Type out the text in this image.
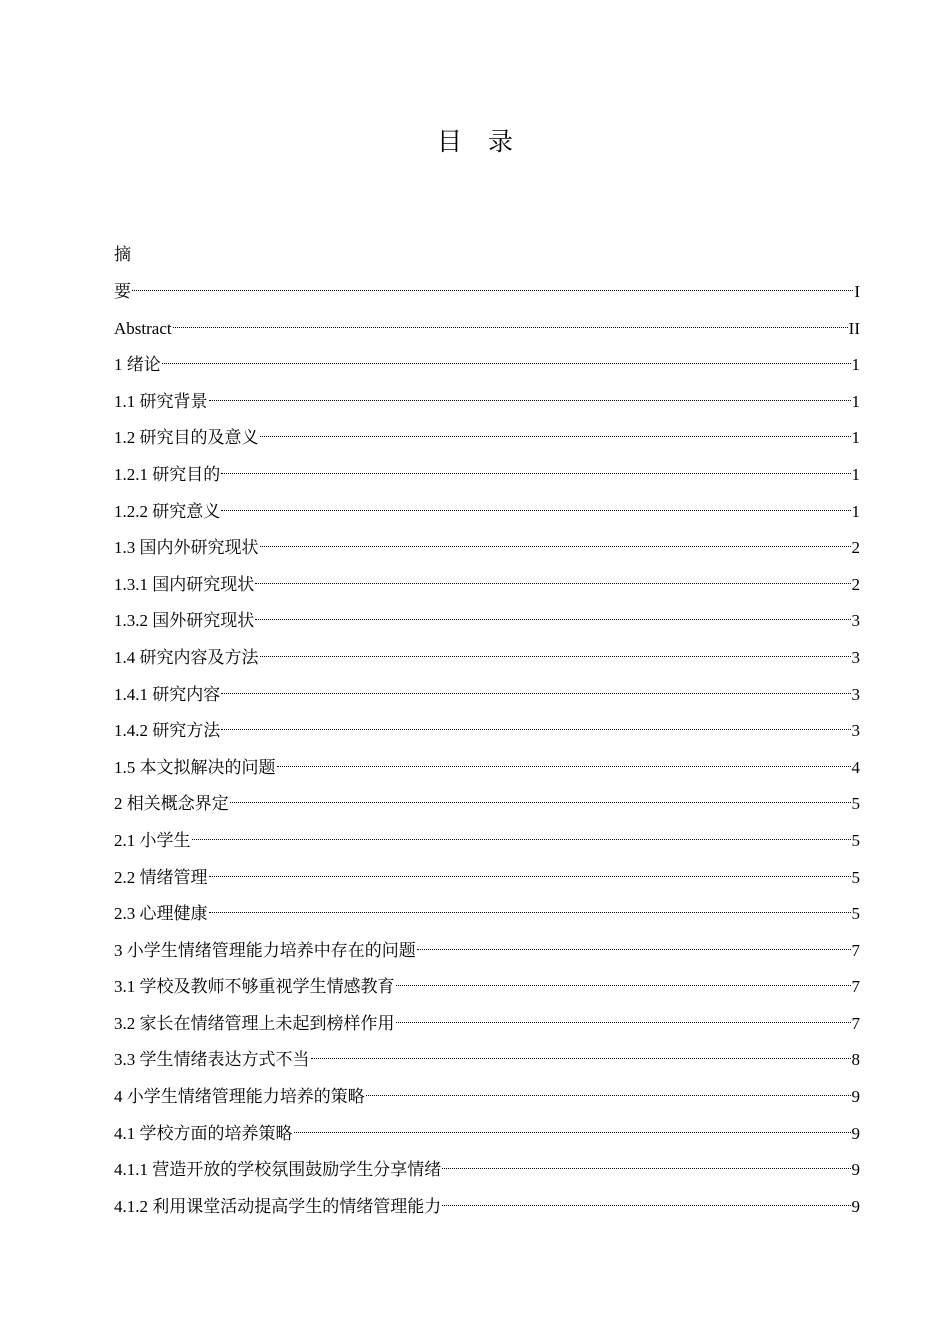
目 录
摘
要	I
Abstract	II
1 绪论	1
1.1 研究背景	1
1.2 研究目的及意义	1
1.2.1 研究目的	1
1.2.2 研究意义	1
1.3 国内外研究现状	2
1.3.1 国内研究现状	2
1.3.2 国外研究现状	3
1.4 研究内容及方法	3
1.4.1 研究内容	3
1.4.2 研究方法	3
1.5 本文拟解决的问题	4
2 相关概念界定	5
2.1 小学生	5
2.2 情绪管理	5
2.3 心理健康	5
3 小学生情绪管理能力培养中存在的问题	7
3.1 学校及教师不够重视学生情感教育	7
3.2 家长在情绪管理上未起到榜样作用	7
3.3 学生情绪表达方式不当	8
4 小学生情绪管理能力培养的策略	9
4.1 学校方面的培养策略	9
4.1.1 营造开放的学校氛围鼓励学生分享情绪	9
4.1.2 利用课堂活动提高学生的情绪管理能力	9
